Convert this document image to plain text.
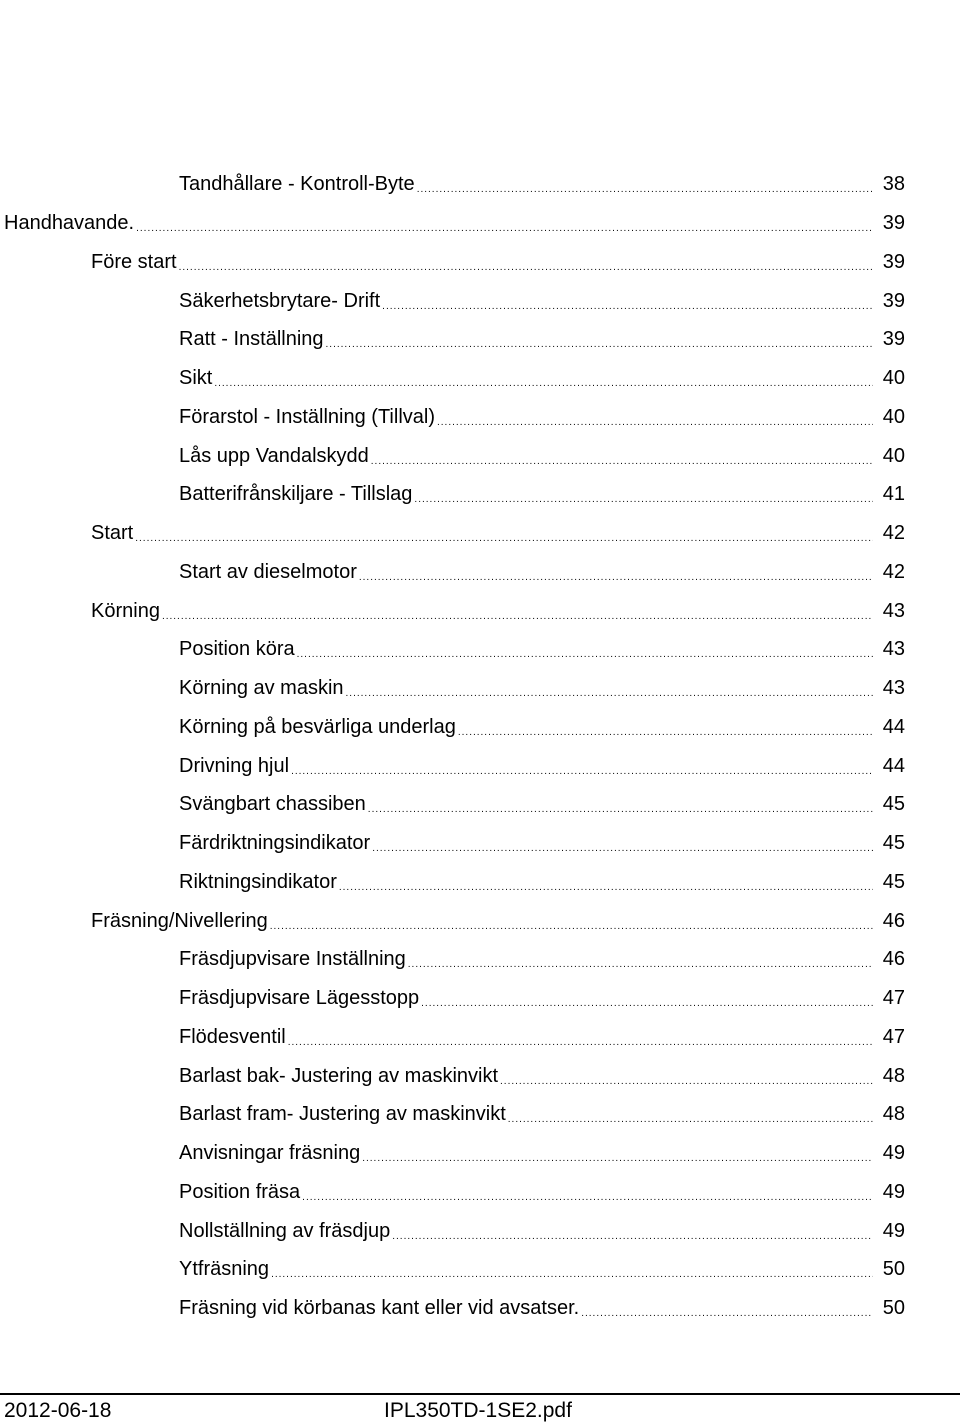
Tandhållare - Kontroll-Byte .....	38
Handhavande. .....	39
Före start .....	39
Säkerhetsbrytare- Drift .....	39
Ratt - Inställning .....	39
Sikt .....	40
Förarstol - Inställning (Tillval) .....	40
Lås upp Vandalskydd .....	40
Batterifrånskiljare - Tillslag .....	41
Start .....	42
Start av dieselmotor .....	42
Körning .....	43
Position köra .....	43
Körning av maskin .....	43
Körning på besvärliga underlag .....	44
Drivning hjul .....	44
Svängbart chassiben .....	45
Färdriktningsindikator .....	45
Riktningsindikator .....	45
Fräsning/Nivellering .....	46
Fräsdjupvisare Inställning .....	46
Fräsdjupvisare Lägesstopp .....	47
Flödesventil .....	47
Barlast bak- Justering av maskinvikt .....	48
Barlast fram- Justering av maskinvikt .....	48
Anvisningar fräsning .....	49
Position fräsa .....	49
Nollställning av fräsdjup .....	49
Ytfräsning .....	50
Fräsning vid körbanas kant eller vid avsatser. .....	50
2012-06-18	IPL350TD-1SE2.pdf
